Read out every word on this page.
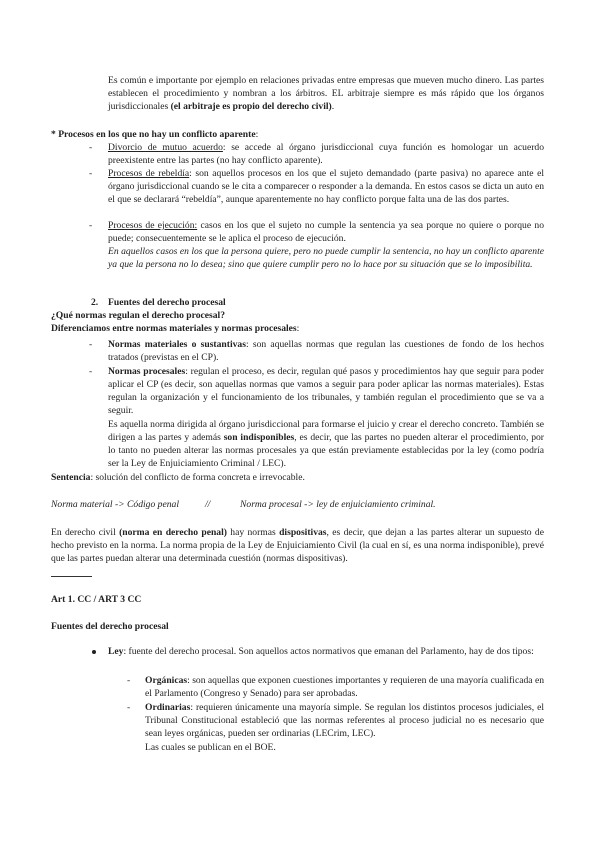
Es común e importante por ejemplo en relaciones privadas entre empresas que mueven mucho dinero. Las partes establecen el procedimiento y nombran a los árbitros. EL arbitraje siempre es más rápido que los órganos jurisdiccionales (el arbitraje es propio del derecho civil).
* Procesos en los que no hay un conflicto aparente:
- Divorcio de mutuo acuerdo: se accede al órgano jurisdiccional cuya función es homologar un acuerdo preexistente entre las partes (no hay conflicto aparente).
- Procesos de rebeldía: son aquellos procesos en los que el sujeto demandado (parte pasiva) no aparece ante el órgano jurisdiccional cuando se le cita a comparecer o responder a la demanda. En estos casos se dicta un auto en el que se declarará “rebeldía”, aunque aparentemente no hay conflicto porque falta una de las dos partes.
- Procesos de ejecución: casos en los que el sujeto no cumple la sentencia ya sea porque no quiere o porque no puede; consecuentemente se le aplica el proceso de ejecución.
En aquellos casos en los que la persona quiere, pero no puede cumplir la sentencia, no hay un conflicto aparente ya que la persona no lo desea; sino que quiere cumplir pero no lo hace por su situación que se lo imposibilita.
2. Fuentes del derecho procesal
¿Qué normas regulan el derecho procesal?
Diferenciamos entre normas materiales y normas procesales:
- Normas materiales o sustantivas: son aquellas normas que regulan las cuestiones de fondo de los hechos tratados (previstas en el CP).
- Normas procesales: regulan el proceso, es decir, regulan qué pasos y procedimientos hay que seguir para poder aplicar el CP (es decir, son aquellas normas que vamos a seguir para poder aplicar las normas materiales). Estas regulan la organización y el funcionamiento de los tribunales, y también regulan el procedimiento que se va a seguir.
Es aquella norma dirigida al órgano jurisdiccional para formarse el juicio y crear el derecho concreto. También se dirigen a las partes y además son indisponibles, es decir, que las partes no pueden alterar el procedimiento, por lo tanto no pueden alterar las normas procesales ya que están previamente establecidas por la ley (como podría ser la Ley de Enjuiciamiento Criminal / LEC).
Sentencia: solución del conflicto de forma concreta e irrevocable.
Norma material -> Código penal	//	Norma procesal -> ley de enjuiciamiento criminal.
En derecho civil (norma en derecho penal) hay normas dispositivas, es decir, que dejan a las partes alterar un supuesto de hecho previsto en la norma. La norma propia de la Ley de Enjuiciamiento Civil (la cual en sí, es una norma indisponible), prevé que las partes puedan alterar una determinada cuestión (normas dispositivas).
Art 1. CC / ART 3 CC
Fuentes del derecho procesal
Ley: fuente del derecho procesal. Son aquellos actos normativos que emanan del Parlamento, hay de dos tipos:
- Orgánicas: son aquellas que exponen cuestiones importantes y requieren de una mayoría cualificada en el Parlamento (Congreso y Senado) para ser aprobadas.
- Ordinarias: requieren únicamente una mayoría simple. Se regulan los distintos procesos judiciales, el Tribunal Constitucional estableció que las normas referentes al proceso judicial no es necesario que sean leyes orgánicas, pueden ser ordinarias (LECrim, LEC).
Las cuales se publican en el BOE.
